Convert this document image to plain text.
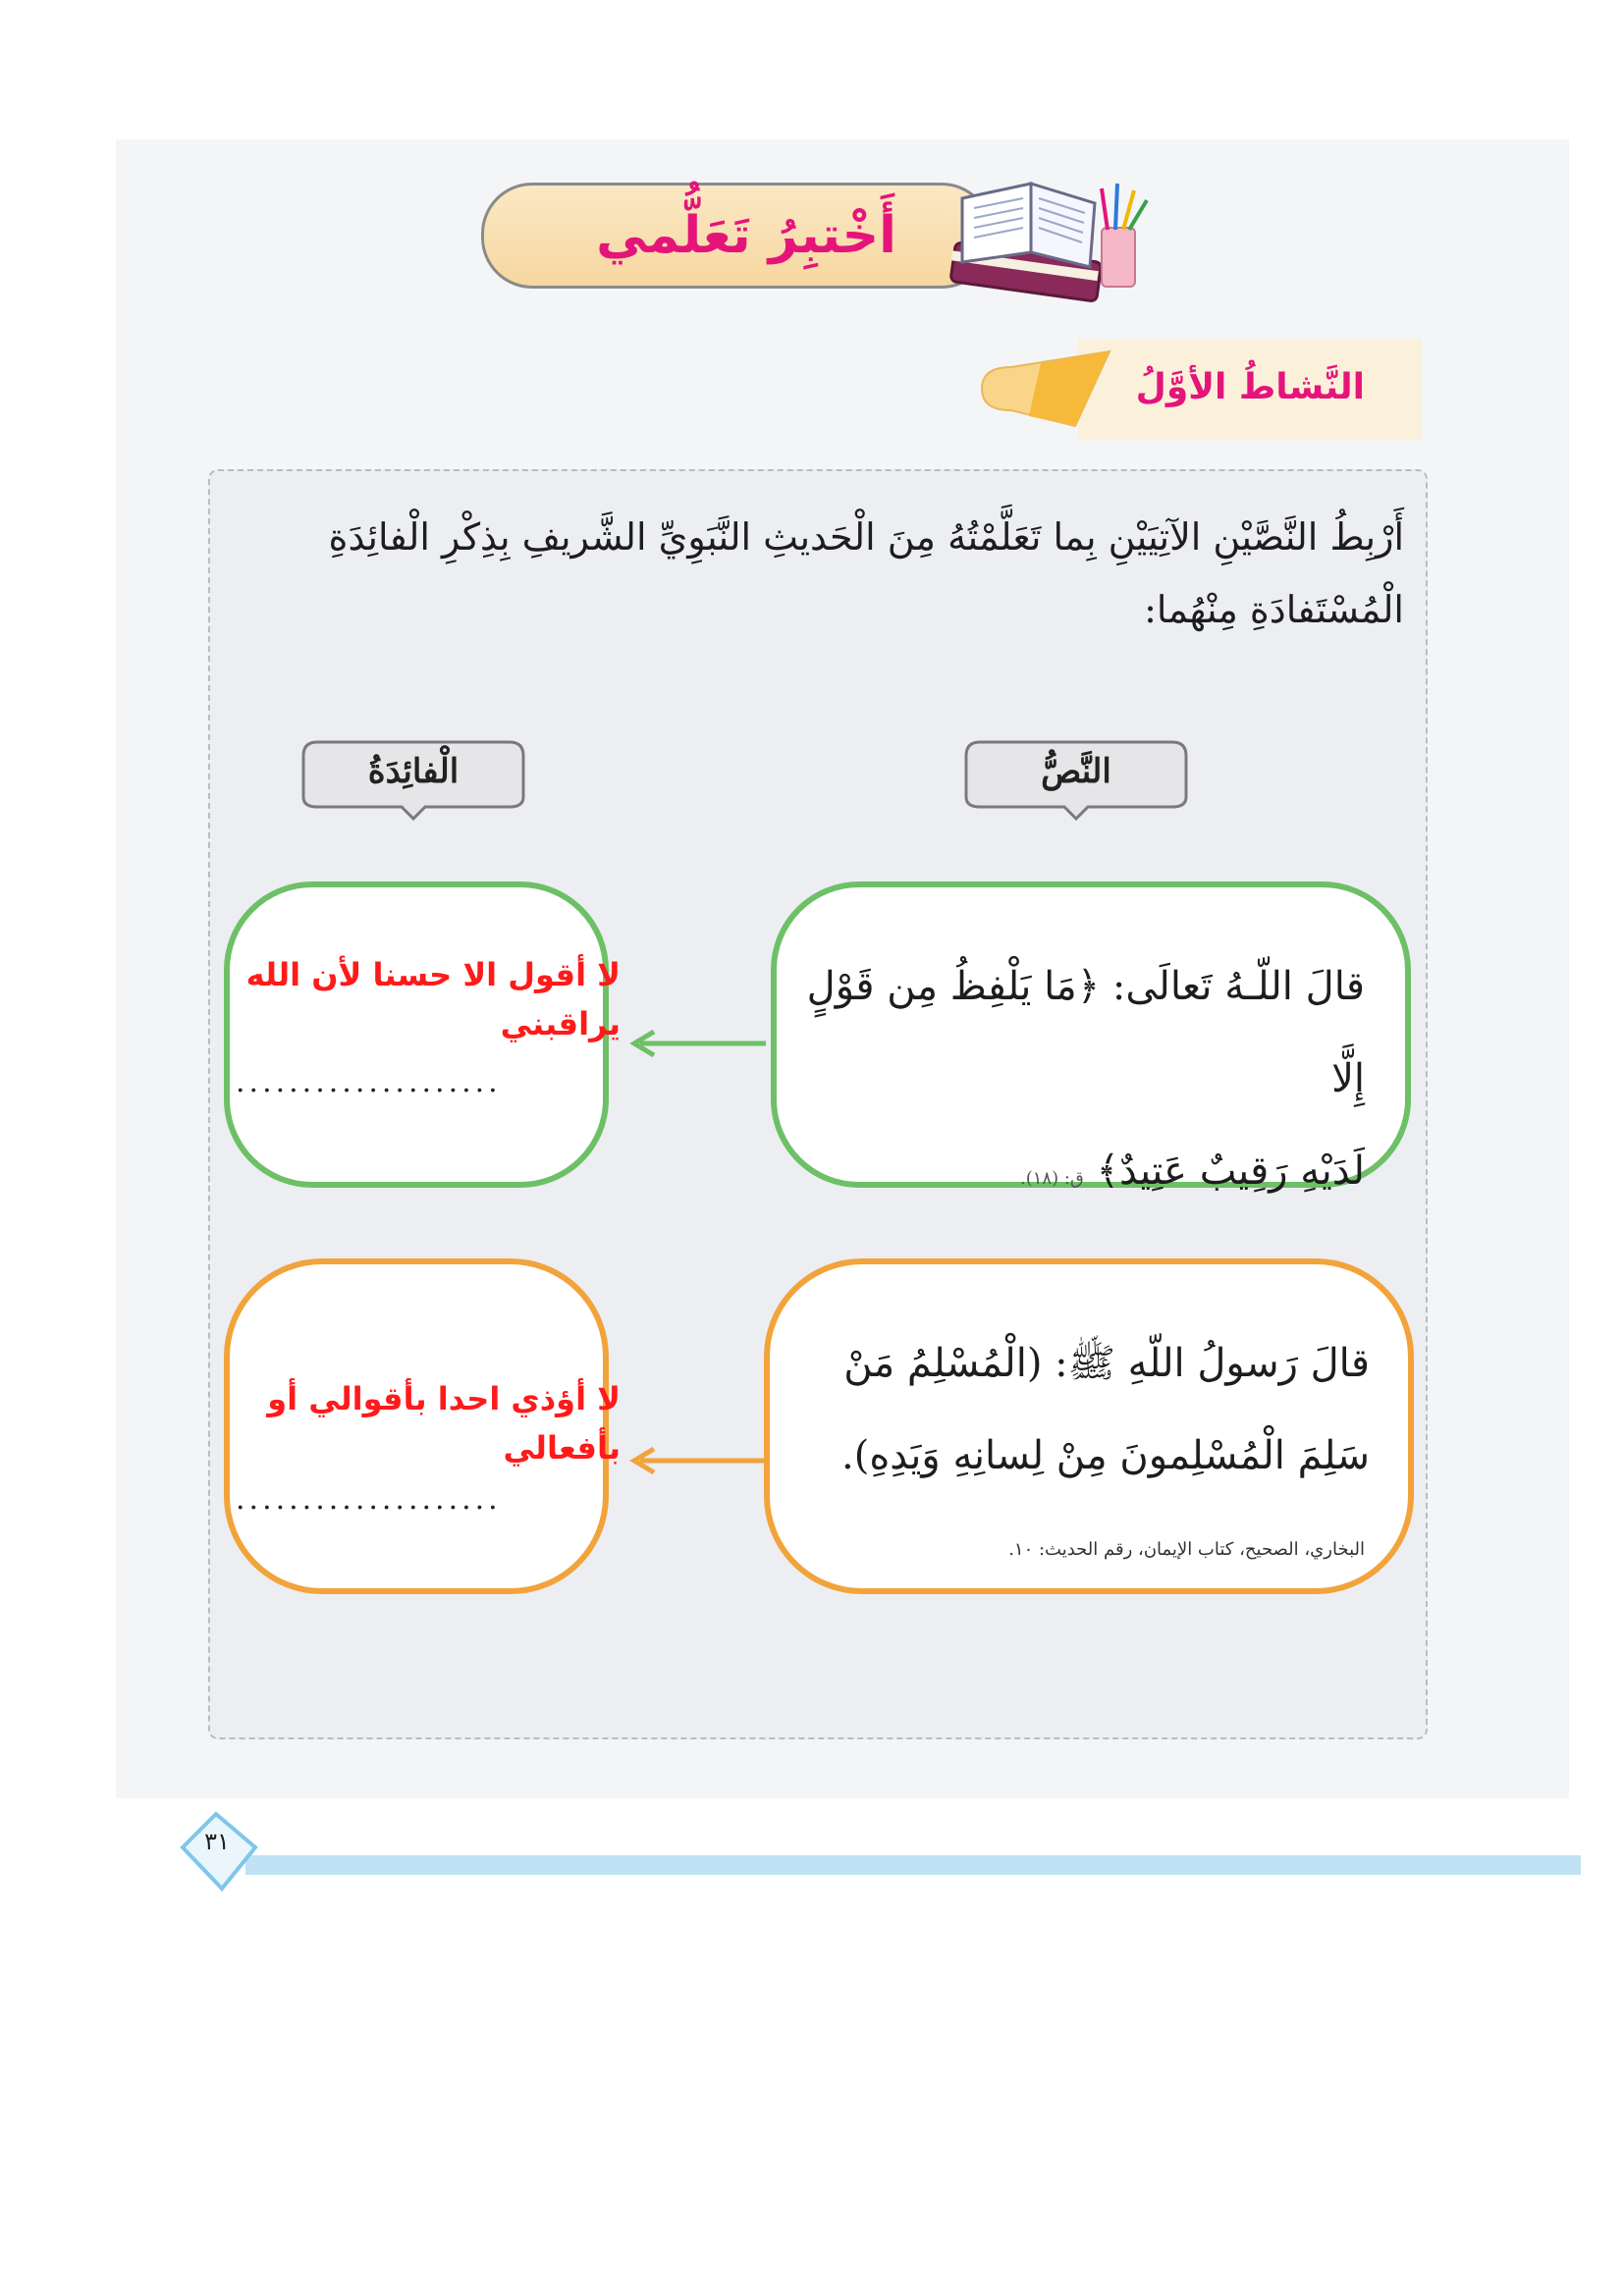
أَخْتبِرُ تَعَلُّمي
النَّشاطُ الأوَّلُ
أَرْبِطُ النَّصَّيْنِ الآتِيَيْنِ بِما تَعَلَّمْتُهُ مِنَ الْحَديثِ النَّبَوِيِّ الشَّريفِ بِذِكْرِ الْفائِدَةِ الْمُسْتَفادَةِ مِنْهُما:
النَّصُّ
الْفائِدَةُ
قالَ اللّـهُ تَعالَى: ﴿مَا يَلْفِظُ مِن قَوْلٍ إِلَّا
لَدَيْهِ رَقِيبٌ عَتِيدٌ﴾ ق: (١٨).
لا أقول الا حسنا لأن الله يراقبني
....................
قالَ رَسولُ اللّهِ ﷺ: (الْمُسْلِمُ مَنْ
سَلِمَ الْمُسْلِمونَ مِنْ لِسانِهِ وَيَدِهِ).
البخاري، الصحيح، كتاب الإيمان، رقم الحديث: ١٠.
لا أؤذي احدا بأقوالي أو بأفعالي
....................
٣١
